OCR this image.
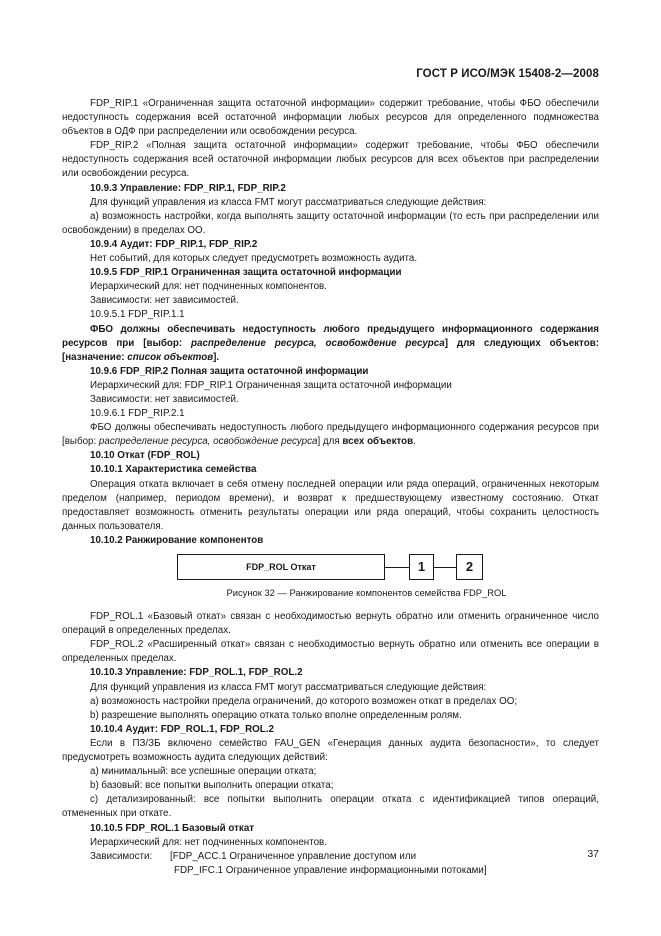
ГОСТ Р ИСО/МЭК 15408-2—2008

FDP_RIP.1 «Ограниченная защита остаточной информации» содержит требование, чтобы ФБО обеспечили недоступность содержания всей остаточной информации любых ресурсов для определенного подмножества объектов в ОДФ при распределении или освобождении ресурса.

FDP_RIP.2 «Полная защита остаточной информации» содержит требование, чтобы ФБО обеспечили недоступность содержания всей остаточной информации любых ресурсов для всех объектов при распределении или освобождении ресурса.

10.9.3 Управление: FDP_RIP.1, FDP_RIP.2

Для функций управления из класса FMT могут рассматриваться следующие действия:

а) возможность настройки, когда выполнять защиту остаточной информации (то есть при распределении или освобождении) в пределах ОО.

10.9.4 Аудит: FDP_RIP.1, FDP_RIP.2

Нет событий, для которых следует предусмотреть возможность аудита.

10.9.5 FDP_RIP.1 Ограниченная защита остаточной информации

Иерархический для: нет подчиненных компонентов.

Зависимости: нет зависимостей.

10.9.5.1 FDP_RIP.1.1

ФБО должны обеспечивать недоступность любого предыдущего информационного содержания ресурсов при [выбор: распределение ресурса, освобождение ресурса] для следующих объектов: [назначение: список объектов].

10.9.6 FDP_RIP.2 Полная защита остаточной информации

Иерархический для: FDP_RIP.1 Ограниченная защита остаточной информации

Зависимости: нет зависимостей.

10.9.6.1 FDP_RIP.2.1

ФБО должны обеспечивать недоступность любого предыдущего информационного содержания ресурсов при [выбор: распределение ресурса, освобождение ресурса] для всех объектов.

10.10 Откат (FDP_ROL)

10.10.1 Характеристика семейства

Операция отката включает в себя отмену последней операции или ряда операций, ограниченных некоторым пределом (например, периодом времени), и возврат к предшествующему известному состоянию. Откат предоставляет возможность отменить результаты операции или ряда операций, чтобы сохранить целостность данных пользователя.

10.10.2 Ранжирование компонентов

FDP_ROL Откат	1	2
Рисунок 32 — Ранжирование компонентов семейства FDP_ROL

FDP_ROL.1 «Базовый откат» связан с необходимостью вернуть обратно или отменить ограниченное число операций в определенных пределах.

FDP_ROL.2 «Расширенный откат» связан с необходимостью вернуть обратно или отменить все операции в определенных пределах.

10.10.3 Управление: FDP_ROL.1, FDP_ROL.2

Для функций управления из класса FMT могут рассматриваться следующие действия:

а) возможность настройки предела ограничений, до которого возможен откат в пределах ОО;

b) разрешение выполнять операцию отката только вполне определенным ролям.

10.10.4 Аудит: FDP_ROL.1, FDP_ROL.2

Если в ПЗ/ЗБ включено семейство FAU_GEN «Генерация данных аудита безопасности», то следует предусмотреть возможность аудита следующих действий:

а) минимальный: все успешные операции отката;

b) базовый: все попытки выполнить операции отката;

с) детализированный: все попытки выполнить операции отката с идентификацией типов операций, отмененных при откате.

10.10.5 FDP_ROL.1 Базовый откат

Иерархический для: нет подчиненных компонентов.

Зависимости:	[FDP_ACC.1 Ограниченное управление доступом или
FDP_IFC.1 Ограниченное управление информационными потоками]
37
